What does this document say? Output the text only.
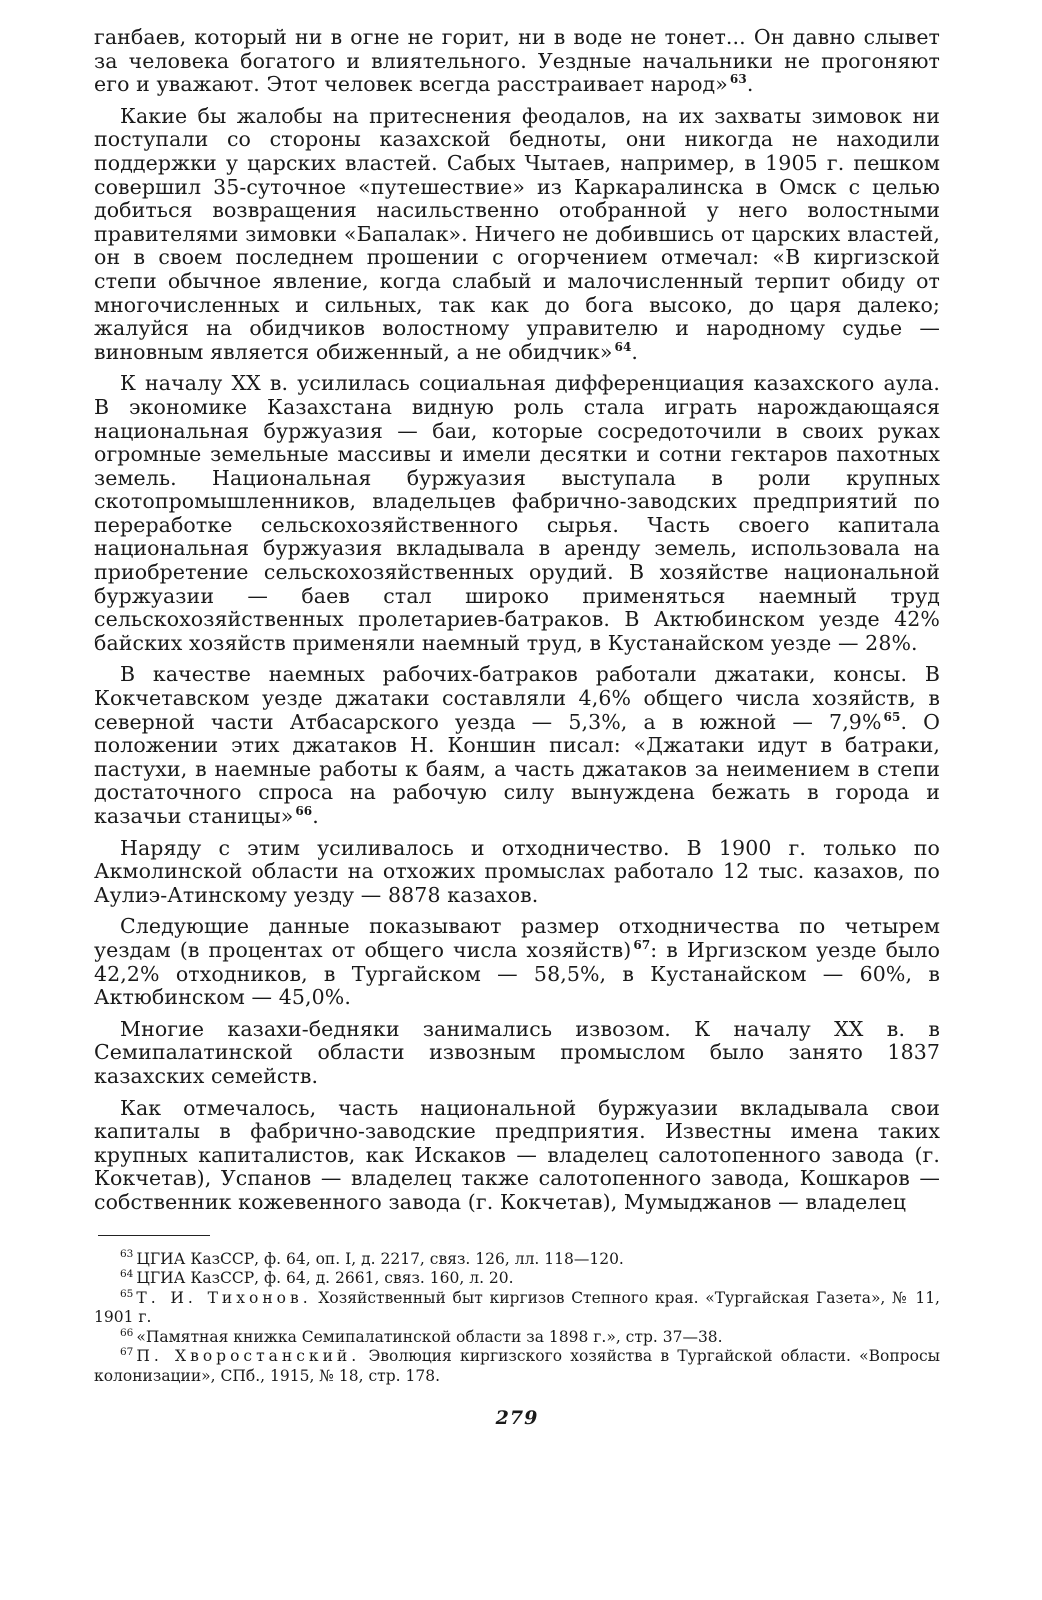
ганбаев, который ни в огне не горит, ни в воде не тонет... Он давно слывет за человека богатого и влиятельного. Уездные начальники не прогоняют его и уважают. Этот человек всегда расстраивает народ» $^{63}$.

Какие бы жалобы на притеснения феодалов, на их захваты зимовок ни поступали со стороны казахской бедноты, они никогда не находили поддержки у царских властей. Сабых Чытаев, например, в 1905 г. пешком совершил 35-суточное «путешествие» из Каркаралинска в Омск с целью добиться возвращения насильственно отобранной у него волостными правителями зимовки «Бапалак». Ничего не добившись от царских властей, он в своем последнем прошении с огорчением отмечал: «В киргизской степи обычное явление, когда слабый и малочисленный терпит обиду от многочисленных и сильных, так как до бога высоко, до царя далеко; жалуйся на обидчиков волостному управителю и народному судье — виновным является обиженный, а не обидчик» $^{64}$.

К началу XX в. усилилась социальная дифференциация казахского аула. В экономике Казахстана видную роль стала играть нарождающаяся национальная буржуазия — баи, которые сосредоточили в своих руках огромные земельные массивы и имели десятки и сотни гектаров пахотных земель. Национальная буржуазия выступала в роли крупных скотопромышленников, владельцев фабрично-заводских предприятий по переработке сельскохозяйственного сырья. Часть своего капитала национальная буржуазия вкладывала в аренду земель, использовала на приобретение сельскохозяйственных орудий. В хозяйстве национальной буржуазии — баев стал широко применяться наемный труд сельскохозяйственных пролетариев-батраков. В Актюбинском уезде 42% байских хозяйств применяли наемный труд, в Кустанайском уезде — 28%.

В качестве наемных рабочих-батраков работали джатаки, консы. В Кокчетавском уезде джатаки составляли 4,6% общего числа хозяйств, в северной части Атбасарского уезда — 5,3%, а в южной — 7,9% $^{65}$. О положении этих джатаков Н. Коншин писал: «Джатаки идут в батраки, пастухи, в наемные работы к баям, а часть джатаков за неимением в степи достаточного спроса на рабочую силу вынуждена бежать в города и казачьи станицы» $^{66}$.

Наряду с этим усиливалось и отходничество. В 1900 г. только по Акмолинской области на отхожих промыслах работало 12 тыс. казахов, по Аулиэ-Атинскому уезду — 8878 казахов.

Следующие данные показывают размер отходничества по четырем уездам (в процентах от общего числа хозяйств) $^{67}$: в Иргизском уезде было 42,2% отходников, в Тургайском — 58,5%, в Кустанайском — 60%, в Актюбинском — 45,0%.

Многие казахи-бедняки занимались извозом. К началу XX в. в Семипалатинской области извозным промыслом было занято 1837 казахских семейств.

Как отмечалось, часть национальной буржуазии вкладывала свои капиталы в фабрично-заводские предприятия. Известны имена таких крупных капиталистов, как Искаков — владелец салотопенного завода (г. Кокчетав), Успанов — владелец также салотопенного завода, Кошкаров — собственник кожевенного завода (г. Кокчетав), Мумыджанов — владелец

$^{63}$ ЦГИА КазССР, ф. 64, оп. I, д. 2217, связ. 126, лл. 118—120.

$^{64}$ ЦГИА КазССР, ф. 64, д. 2661, связ. 160, л. 20.

$^{65}$ Т. И. Тихонов. Хозяйственный быт киргизов Степного края. «Тургайская Газета», № 11, 1901 г.

$^{66}$ «Памятная книжка Семипалатинской области за 1898 г.», стр. 37—38.

$^{67}$ П. Хворостанский. Эволюция киргизского хозяйства в Тургайской области. «Вопросы колонизации», СПб., 1915, № 18, стр. 178.

279
